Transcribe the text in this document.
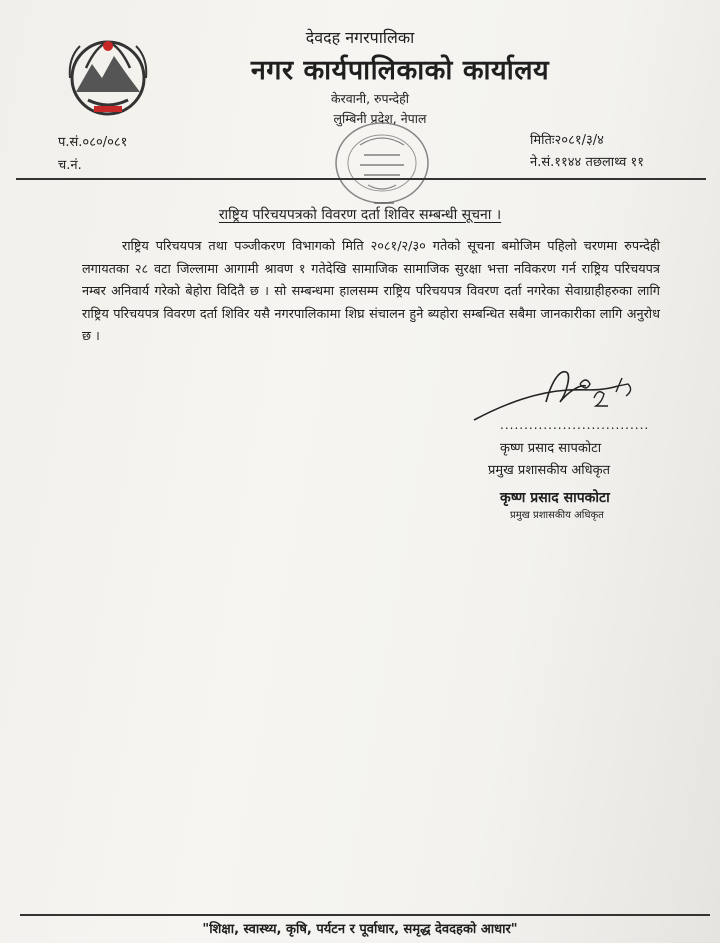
देवदह नगरपालिका
नगर कार्यपालिकाको कार्यालय
केरवानी, रुपन्देही
लुम्बिनी प्रदेश, नेपाल
प.सं.०८०/०८१
च.नं.
मितिः२०८१/३/४
ने.सं.११४४ तछलाथ्व ११
राष्ट्रिय परिचयपत्रको विवरण दर्ता शिविर सम्बन्धी सूचना ।
राष्ट्रिय परिचयपत्र तथा पञ्जीकरण विभागको मिति २०८१/२/३० गतेको सूचना बमोजिम पहिलो चरणमा रुपन्देही लगायतका २८ वटा जिल्लामा आगामी श्रावण १ गतेदेखि सामाजिक सामाजिक सुरक्षा भत्ता नविकरण गर्न राष्ट्रिय परिचयपत्र नम्बर अनिवार्य गरेको बेहोरा विदितै छ । सो सम्बन्धमा हालसम्म राष्ट्रिय परिचयपत्र विवरण दर्ता नगरेका सेवाग्राहीहरुका लागि राष्ट्रिय परिचयपत्र विवरण दर्ता शिविर यसै नगरपालिकामा शिघ्र संचालन हुने ब्यहोरा सम्बन्धित सबैमा जानकारीका लागि अनुरोध छ ।
...............................
कृष्ण प्रसाद सापकोटा
प्रमुख प्रशासकीय अधिकृत
कृष्ण प्रसाद सापकोटा
प्रमुख प्रशासकीय अधिकृत
"शिक्षा, स्वास्थ्य, कृषि, पर्यटन र पूर्वाधार, समृद्ध देवदहको आधार"
